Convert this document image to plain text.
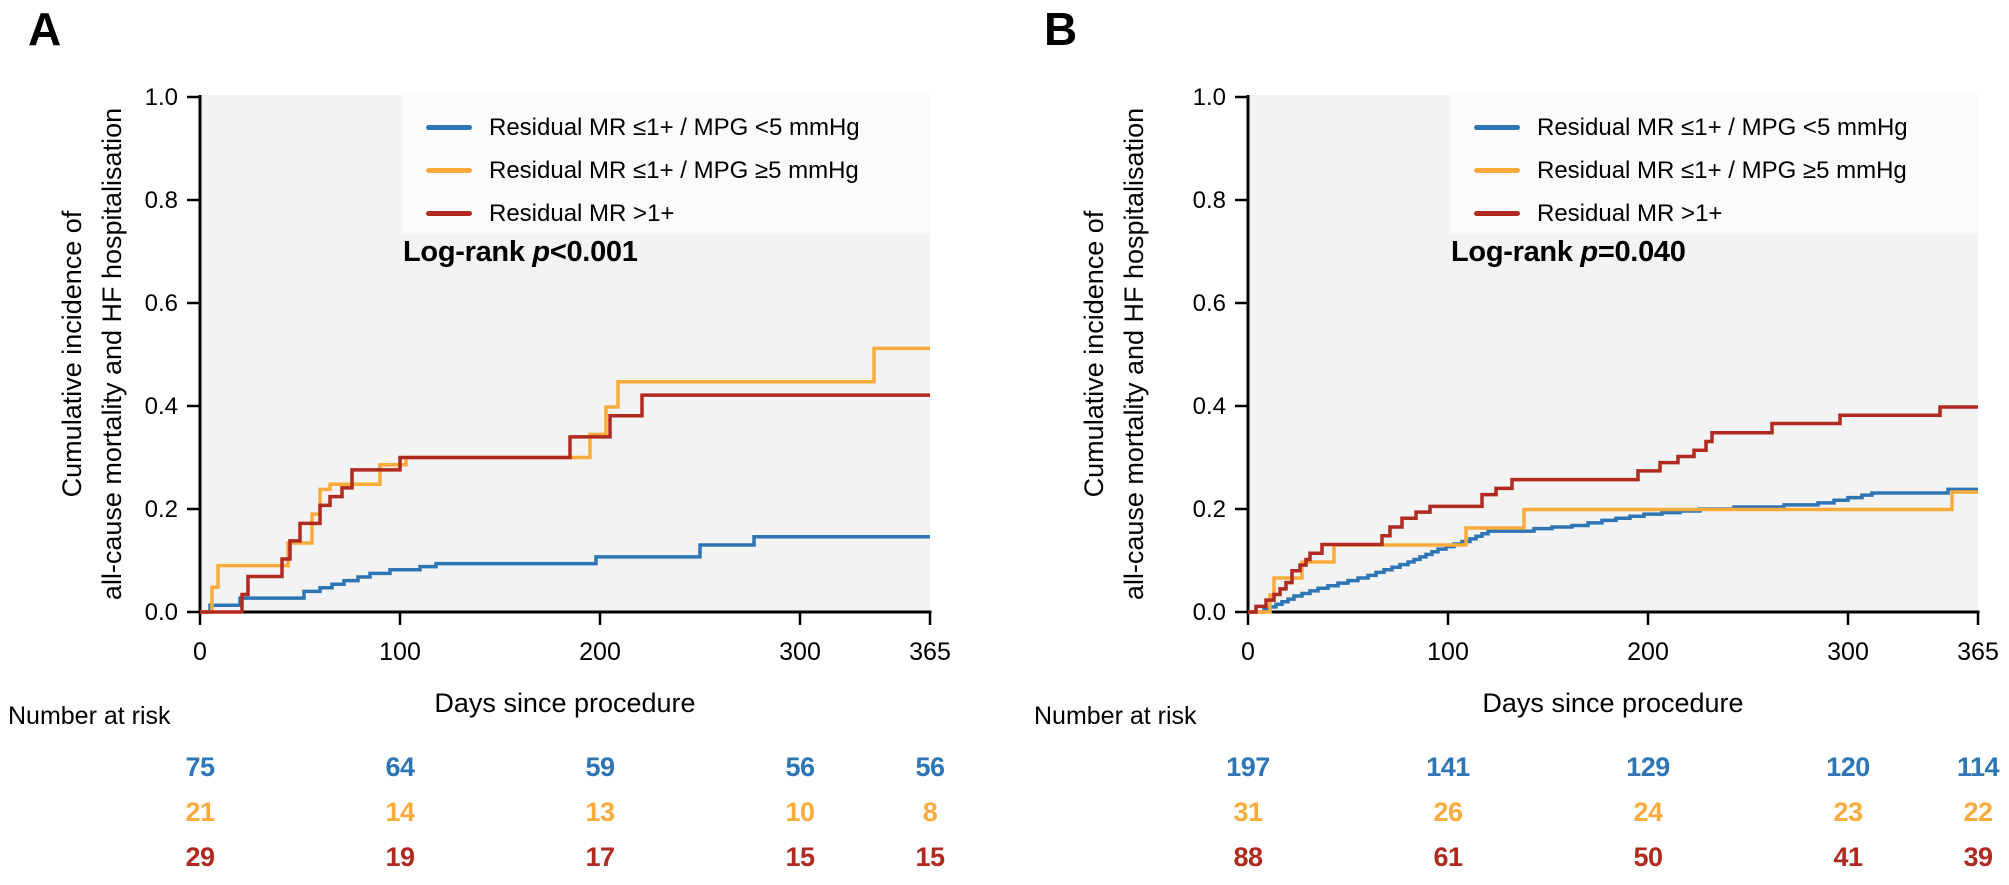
0	100	200	300	365
0.0
0.2
0.4
0.6
0.8
1.0
0	100	200	300	365
0.0
0.2
0.4
0.6
0.8
1.0
A	B
Cumulative incidence of all-cause mortality and HF hospitalisation	Cumulative incidence of all-cause mortality and HF hospitalisation
Days since procedure	Days since procedure
Residual MR ≤1+ / MPG <5 mmHg
Residual MR ≤1+ / MPG ≥5 mmHg
Residual MR >1+
Residual MR ≤1+ / MPG <5 mmHg
Residual MR ≤1+ / MPG ≥5 mmHg
Residual MR >1+
Log-rank p<0.001	Log-rank p=0.040
Number at risk	Number at risk
75	64	59	56	56
21	14	13	10	8
29	19	17	15	15
197	141	129	120	114
31	26	24	23	22
88	61	50	41	39
